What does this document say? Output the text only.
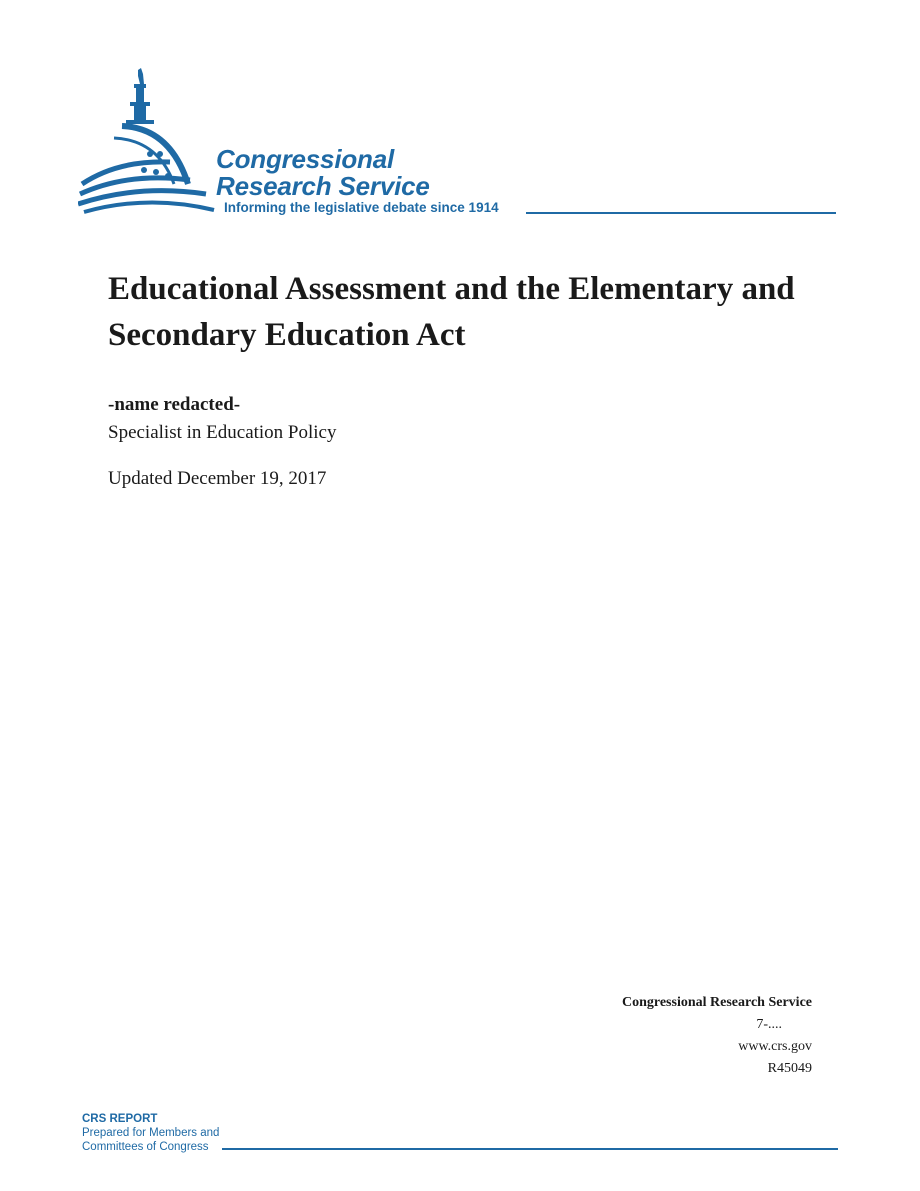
Congressional
Research Service
Informing the legislative debate since 1914
Educational Assessment and the Elementary and Secondary Education Act
-name redacted-
Specialist in Education Policy
Updated December 19, 2017
Congressional Research Service
7-....
www.crs.gov
R45049
CRS REPORT
Prepared for Members and
Committees of Congress
